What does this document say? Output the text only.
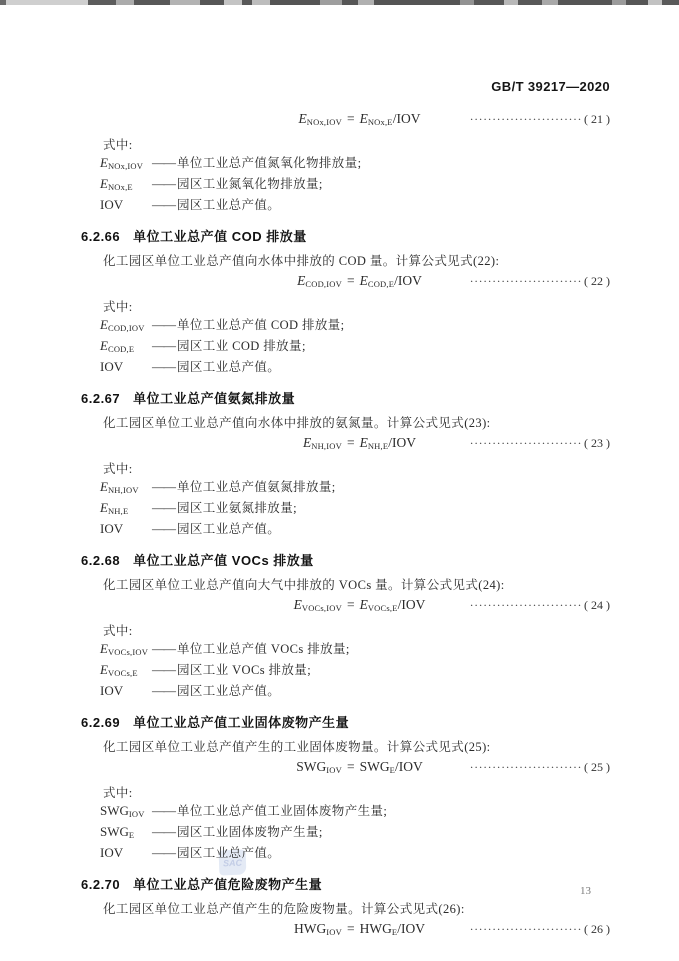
SAC
GB/T 39217—2020
$E_{NOx,IOV} = E_{NOx,E}/IOV$	························· ( 21 )
式中:
$E_{NOx,IOV}$ —— 单位工业总产值氮氧化物排放量;
$E_{NOx,E}$ —— 园区工业氮氧化物排放量;
IOV —— 园区工业总产值。
6.2.66 单位工业总产值 COD 排放量
化工园区单位工业总产值向水体中排放的 COD 量。计算公式见式(22):
$E_{COD,IOV} = E_{COD,E}/IOV$	························· ( 22 )
式中:
$E_{COD,IOV}$ —— 单位工业总产值 COD 排放量;
$E_{COD,E}$ —— 园区工业 COD 排放量;
IOV —— 园区工业总产值。
6.2.67 单位工业总产值氨氮排放量
化工园区单位工业总产值向水体中排放的氨氮量。计算公式见式(23):
$E_{NH,IOV} = E_{NH,E}/IOV$	························· ( 23 )
式中:
$E_{NH,IOV}$ —— 单位工业总产值氨氮排放量;
$E_{NH,E}$ —— 园区工业氨氮排放量;
IOV —— 园区工业总产值。
6.2.68 单位工业总产值 VOCs 排放量
化工园区单位工业总产值向大气中排放的 VOCs 量。计算公式见式(24):
$E_{VOCs,IOV} = E_{VOCs,E}/IOV$	························· ( 24 )
式中:
$E_{VOCs,IOV}$ —— 单位工业总产值 VOCs 排放量;
$E_{VOCs,E}$ —— 园区工业 VOCs 排放量;
IOV —— 园区工业总产值。
6.2.69 单位工业总产值工业固体废物产生量
化工园区单位工业总产值产生的工业固体废物量。计算公式见式(25):
$SWG_{IOV} = SWG_E/IOV$	························· ( 25 )
式中:
$SWG_{IOV}$ —— 单位工业总产值工业固体废物产生量;
$SWG_E$ —— 园区工业固体废物产生量;
IOV —— 园区工业总产值。
6.2.70 单位工业总产值危险废物产生量
化工园区单位工业总产值产生的危险废物量。计算公式见式(26):
$HWG_{IOV} = HWG_E/IOV$	························· ( 26 )
13
